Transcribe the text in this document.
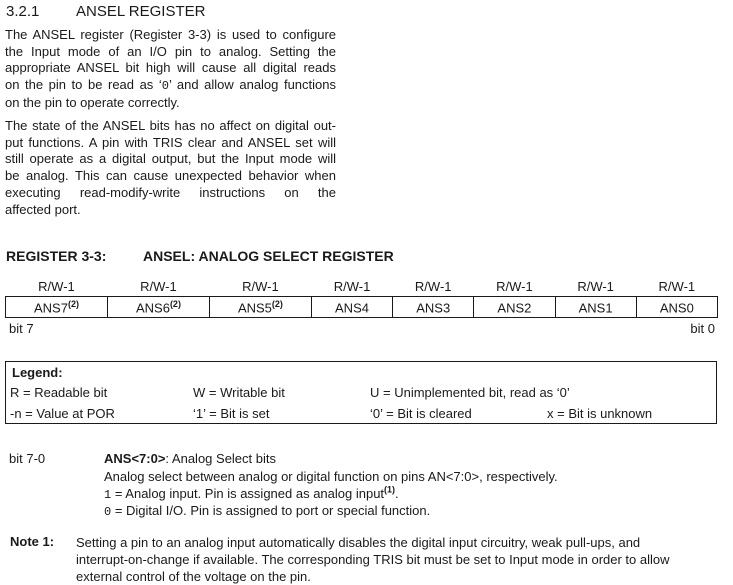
3.2.1 ANSEL REGISTER
The ANSEL register (Register 3-3) is used to configure
the Input mode of an I/O pin to analog. Setting the
appropriate ANSEL bit high will cause all digital reads
on the pin to be read as ‘0’ and allow analog functions
on the pin to operate correctly.
The state of the ANSEL bits has no affect on digital out-
put functions. A pin with TRIS clear and ANSEL set will
still operate as a digital output, but the Input mode will
be analog. This can cause unexpected behavior when
executing read-modify-write instructions on the
affected port.
REGISTER 3-3:	ANSEL: ANALOG SELECT REGISTER
R/W-1	R/W-1	R/W-1	R/W-1	R/W-1	R/W-1	R/W-1	R/W-1
ANS7$^{(2)}$	ANS6$^{(2)}$	ANS5$^{(2)}$	ANS4	ANS3	ANS2	ANS1	ANS0
bit 7	bit 0
Legend:
R = Readable bit	W = Writable bit	U = Unimplemented bit, read as ‘0’
-n = Value at POR	‘1’ = Bit is set	‘0’ = Bit is cleared	x = Bit is unknown
bit 7-0	ANS<7:0>: Analog Select bits
Analog select between analog or digital function on pins AN<7:0>, respectively.
1 = Analog input. Pin is assigned as analog input$^{(1)}$.
0 = Digital I/O. Pin is assigned to port or special function.
Note 1: Setting a pin to an analog input automatically disables the digital input circuitry, weak pull-ups, and
interrupt-on-change if available. The corresponding TRIS bit must be set to Input mode in order to allow
external control of the voltage on the pin.
